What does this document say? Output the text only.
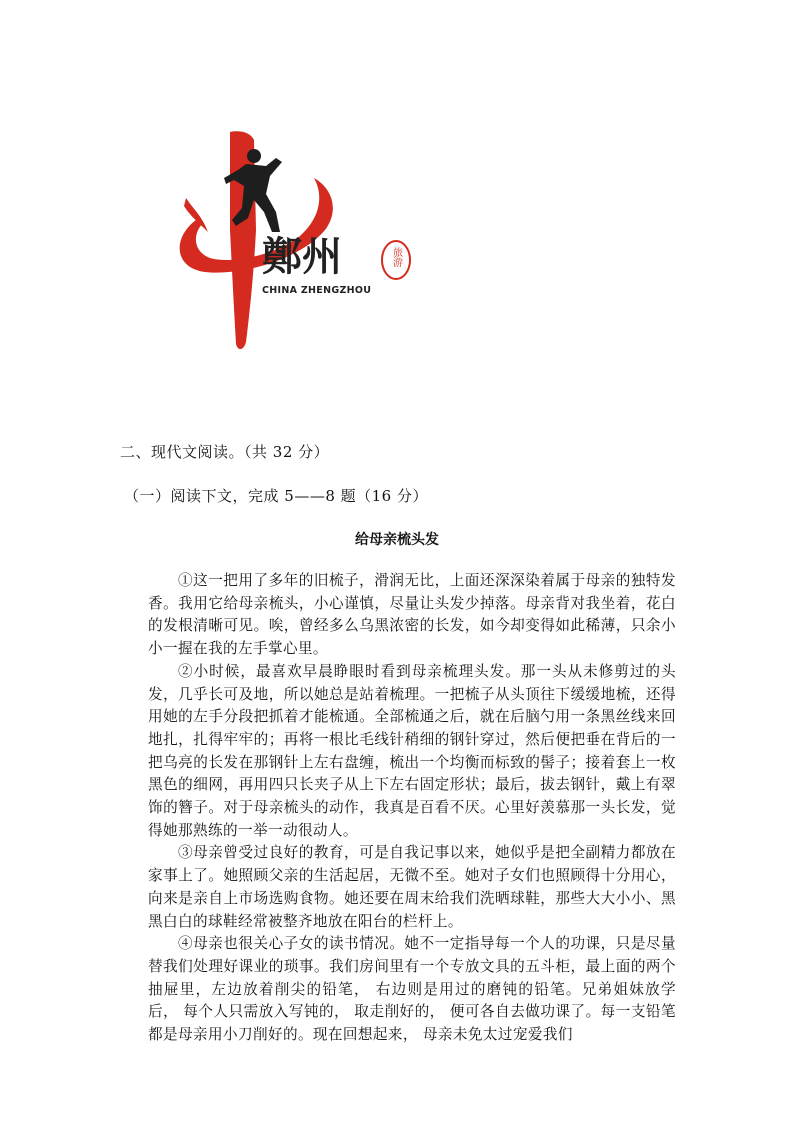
鄭州	旅游
CHINA ZHENGZHOU

二、现代文阅读。（共 32 分）

（一）阅读下文，完成 5——8 题（16 分）

给母亲梳头发

①这一把用了多年的旧梳子，滑润无比，上面还深深染着属于母亲的独特发香。我用它给母亲梳头，小心谨慎，尽量让头发少掉落。母亲背对我坐着，花白的发根清晰可见。唉，曾经多么乌黑浓密的长发，如今却变得如此稀薄，只余小小一握在我的左手掌心里。

②小时候，最喜欢早晨睁眼时看到母亲梳理头发。那一头从未修剪过的头发，几乎长可及地，所以她总是站着梳理。一把梳子从头顶往下缓缓地梳，还得用她的左手分段把抓着才能梳通。全部梳通之后，就在后脑勺用一条黑丝线来回地扎，扎得牢牢的；再将一根比毛线针稍细的钢针穿过，然后便把垂在背后的一把乌亮的长发在那钢针上左右盘缠，梳出一个均衡而标致的髻子；接着套上一枚黑色的细网，再用四只长夹子从上下左右固定形状；最后，拔去钢针，戴上有翠饰的簪子。对于母亲梳头的动作，我真是百看不厌。心里好羡慕那一头长发，觉得她那熟练的一举一动很动人。

③母亲曾受过良好的教育，可是自我记事以来，她似乎是把全副精力都放在家事上了。她照顾父亲的生活起居，无微不至。她对子女们也照顾得十分用心，向来是亲自上市场选购食物。她还要在周末给我们洗晒球鞋，那些大大小小、黑黑白白的球鞋经常被整齐地放在阳台的栏杆上。

④母亲也很关心子女的读书情况。她不一定指导每一个人的功课，只是尽量替我们处理好课业的琐事。我们房间里有一个专放文具的五斗柜，最上面的两个抽屉里，左边放着削尖的铅笔， 右边则是用过的磨钝的铅笔。兄弟姐妹放学后， 每个人只需放入写钝的， 取走削好的， 便可各自去做功课了。每一支铅笔都是母亲用小刀削好的。现在回想起来， 母亲未免太过宠爱我们
